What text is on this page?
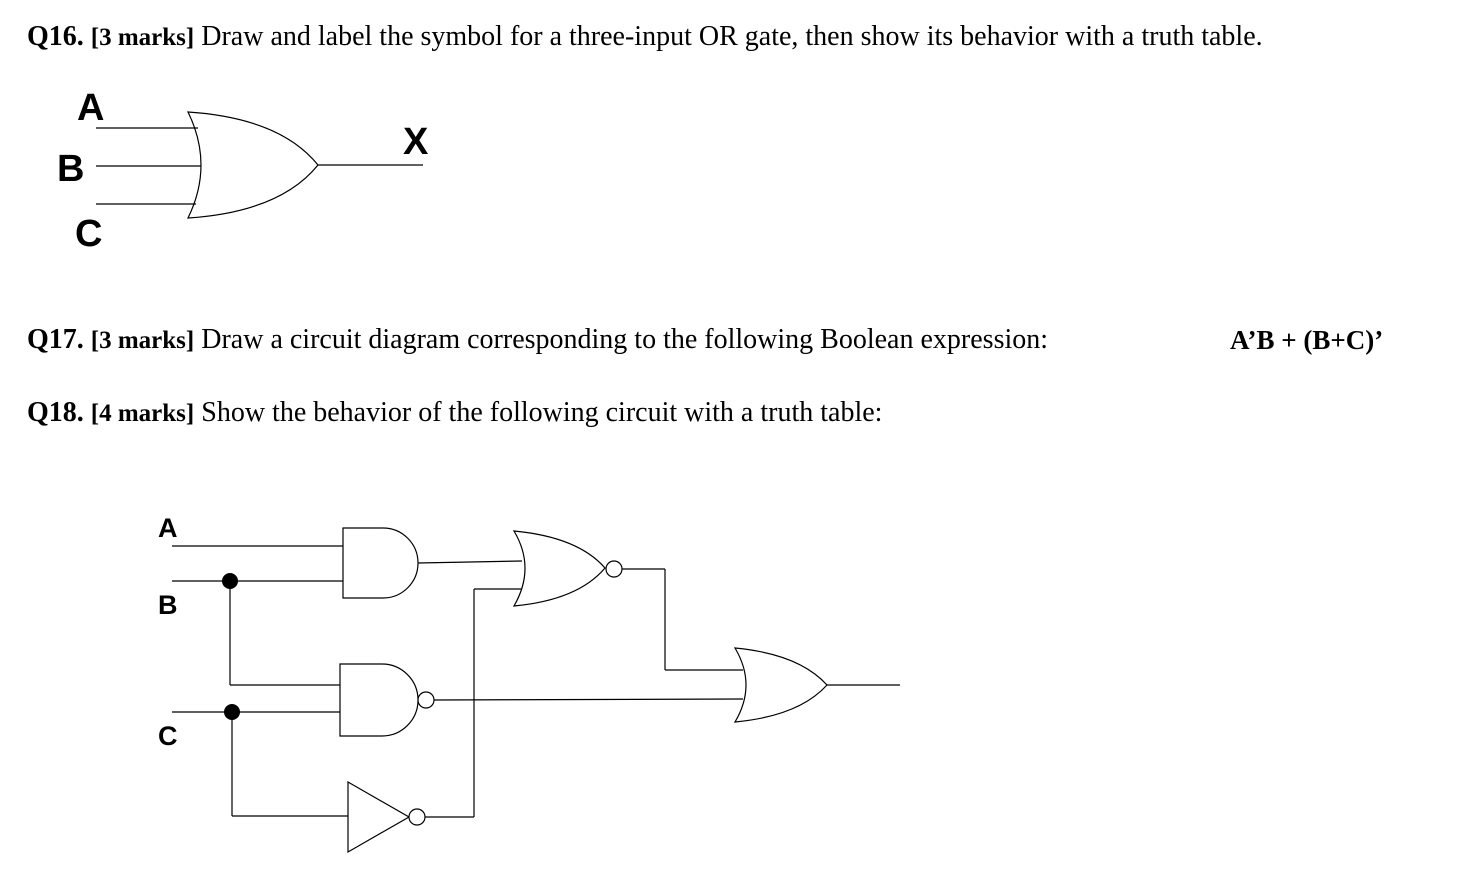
Q16. [3 marks] Draw and label the symbol for a three-input OR gate, then show its behavior with a truth table.
A
B
C
X
A
B
C
Q17. [3 marks] Draw a circuit diagram corresponding to the following Boolean expression:	A’B + (B+C)’
Q18. [4 marks] Show the behavior of the following circuit with a truth table:
